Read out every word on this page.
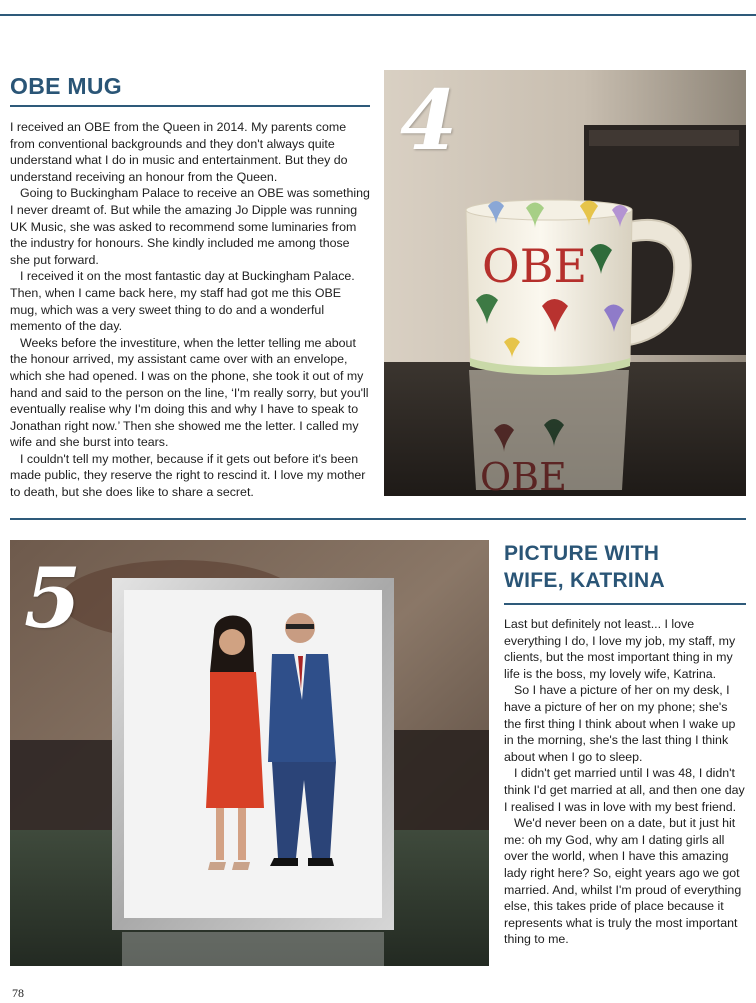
OBE MUG

I received an OBE from the Queen in 2014. My parents come from conventional backgrounds and they don't always quite understand what I do in music and entertainment. But they do understand receiving an honour from the Queen.

Going to Buckingham Palace to receive an OBE was something I never dreamt of. But while the amazing Jo Dipple was running UK Music, she was asked to recommend some luminaries from the industry for honours. She kindly included me among those she put forward.

I received it on the most fantastic day at Buckingham Palace. Then, when I came back here, my staff had got me this OBE mug, which was a very sweet thing to do and a wonderful memento of the day.

Weeks before the investiture, when the letter telling me about the honour arrived, my assistant came over with an envelope, which she had opened. I was on the phone, she took it out of my hand and said to the person on the line, ‘I'm really sorry, but you'll eventually realise why I'm doing this and why I have to speak to Jonathan right now.’ Then she showed me the letter. I called my wife and she burst into tears.

I couldn't tell my mother, because if it gets out before it's been made public, they reserve the right to rescind it. I love my mother to death, but she does like to share a secret.	OBE
OBE
4
5	PICTURE WITH
WIFE, KATRINA

Last but definitely not least... I love everything I do, I love my job, my staff, my clients, but the most important thing in my life is the boss, my lovely wife, Katrina.

So I have a picture of her on my desk, I have a picture of her on my phone; she's the first thing I think about when I wake up in the morning, she's the last thing I think about when I go to sleep.

I didn't get married until I was 48, I didn't think I'd get married at all, and then one day I realised I was in love with my best friend.

We'd never been on a date, but it just hit me: oh my God, why am I dating girls all over the world, when I have this amazing lady right here? So, eight years ago we got married. And, whilst I'm proud of everything else, this takes pride of place because it represents what is truly the most important thing to me.

78
